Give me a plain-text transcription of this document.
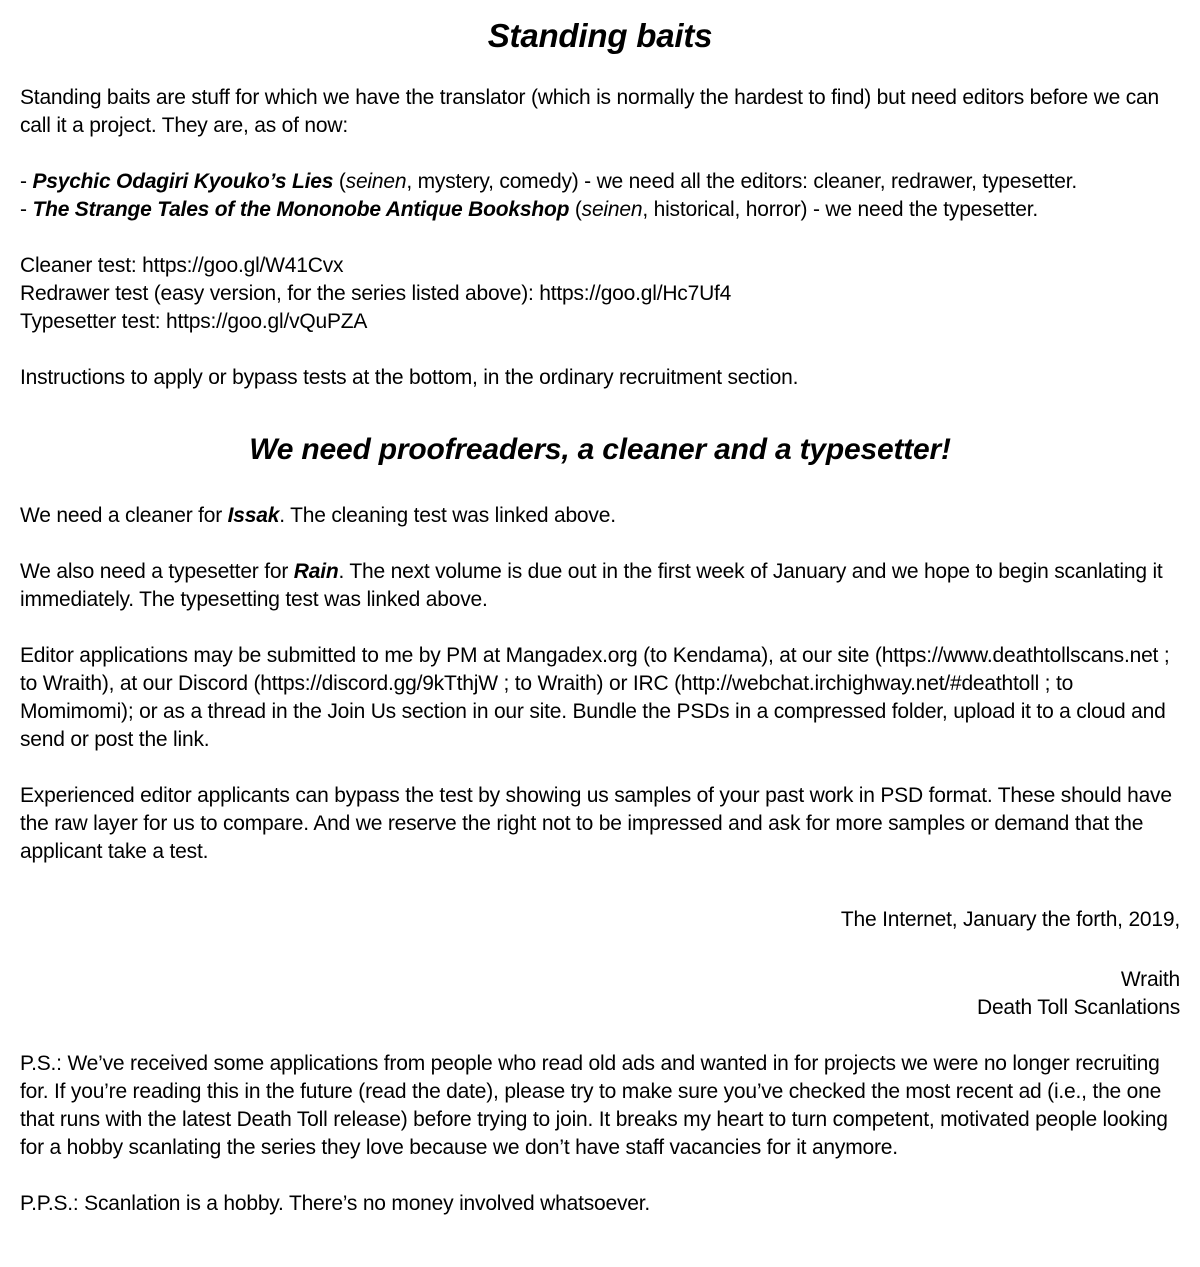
Standing baits

Standing baits are stuff for which we have the translator (which is normally the hardest to find) but need editors before we can call it a project. They are, as of now:

- Psychic Odagiri Kyouko’s Lies (seinen, mystery, comedy) - we need all the editors: cleaner, redrawer, typesetter.
- The Strange Tales of the Mononobe Antique Bookshop (seinen, historical, horror) - we need the typesetter.

Cleaner test: https://goo.gl/W41Cvx
Redrawer test (easy version, for the series listed above): https://goo.gl/Hc7Uf4
Typesetter test: https://goo.gl/vQuPZA

Instructions to apply or bypass tests at the bottom, in the ordinary recruitment section.

We need proofreaders, a cleaner and a typesetter!

We need a cleaner for Issak. The cleaning test was linked above.

We also need a typesetter for Rain. The next volume is due out in the first week of January and we hope to begin scanlating it immediately. The typesetting test was linked above.

Editor applications may be submitted to me by PM at Mangadex.org (to Kendama), at our site (https://www.deathtollscans.net ; to Wraith), at our Discord (https://discord.gg/9kTthjW ; to Wraith) or IRC (http://webchat.irchighway.net/#deathtoll ; to Momimomi); or as a thread in the Join Us section in our site. Bundle the PSDs in a compressed folder, upload it to a cloud and send or post the link.

Experienced editor applicants can bypass the test by showing us samples of your past work in PSD format. These should have the raw layer for us to compare. And we reserve the right not to be impressed and ask for more samples or demand that the applicant take a test.

The Internet, January the forth, 2019,

Wraith
Death Toll Scanlations

P.S.: We’ve received some applications from people who read old ads and wanted in for projects we were no longer recruiting for. If you’re reading this in the future (read the date), please try to make sure you’ve checked the most recent ad (i.e., the one that runs with the latest Death Toll release) before trying to join. It breaks my heart to turn competent, motivated people looking for a hobby scanlating the series they love because we don’t have staff vacancies for it anymore.

P.P.S.: Scanlation is a hobby. There’s no money involved whatsoever.
